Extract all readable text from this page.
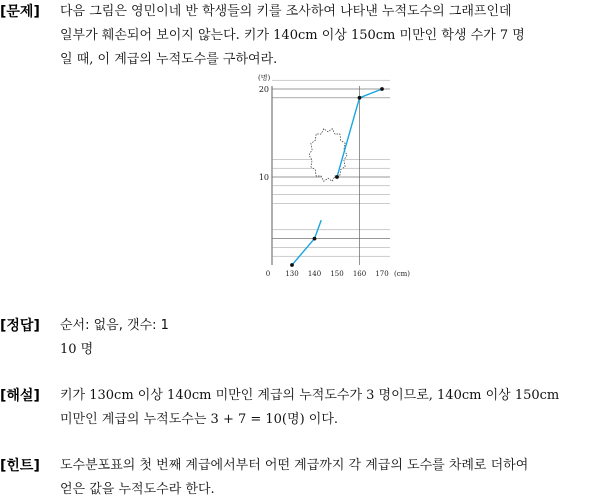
[문제]	다음 그림은 영민이네 반 학생들의 키를 조사하여 나타낸 누적도수의 그래프인데

일부가 훼손되어 보이지 않는다. 키가 140cm 이상 150cm 미만인 학생 수가 7 명

일 때, 이 계급의 누적도수를 구하여라.

10
20
(명)
0 130 140 150 160 170 (cm)
[정답]	순서: 없음, 갯수: 1

10 명

[해설]	키가 130cm 이상 140cm 미만인 계급의 누적도수가 3 명이므로, 140cm 이상 150cm

미만인 계급의 누적도수는 3 + 7 = 10(명) 이다.

[힌트]	도수분포표의 첫 번째 계급에서부터 어떤 계급까지 각 계급의 도수를 차례로 더하여

얻은 값을 누적도수라 한다.
